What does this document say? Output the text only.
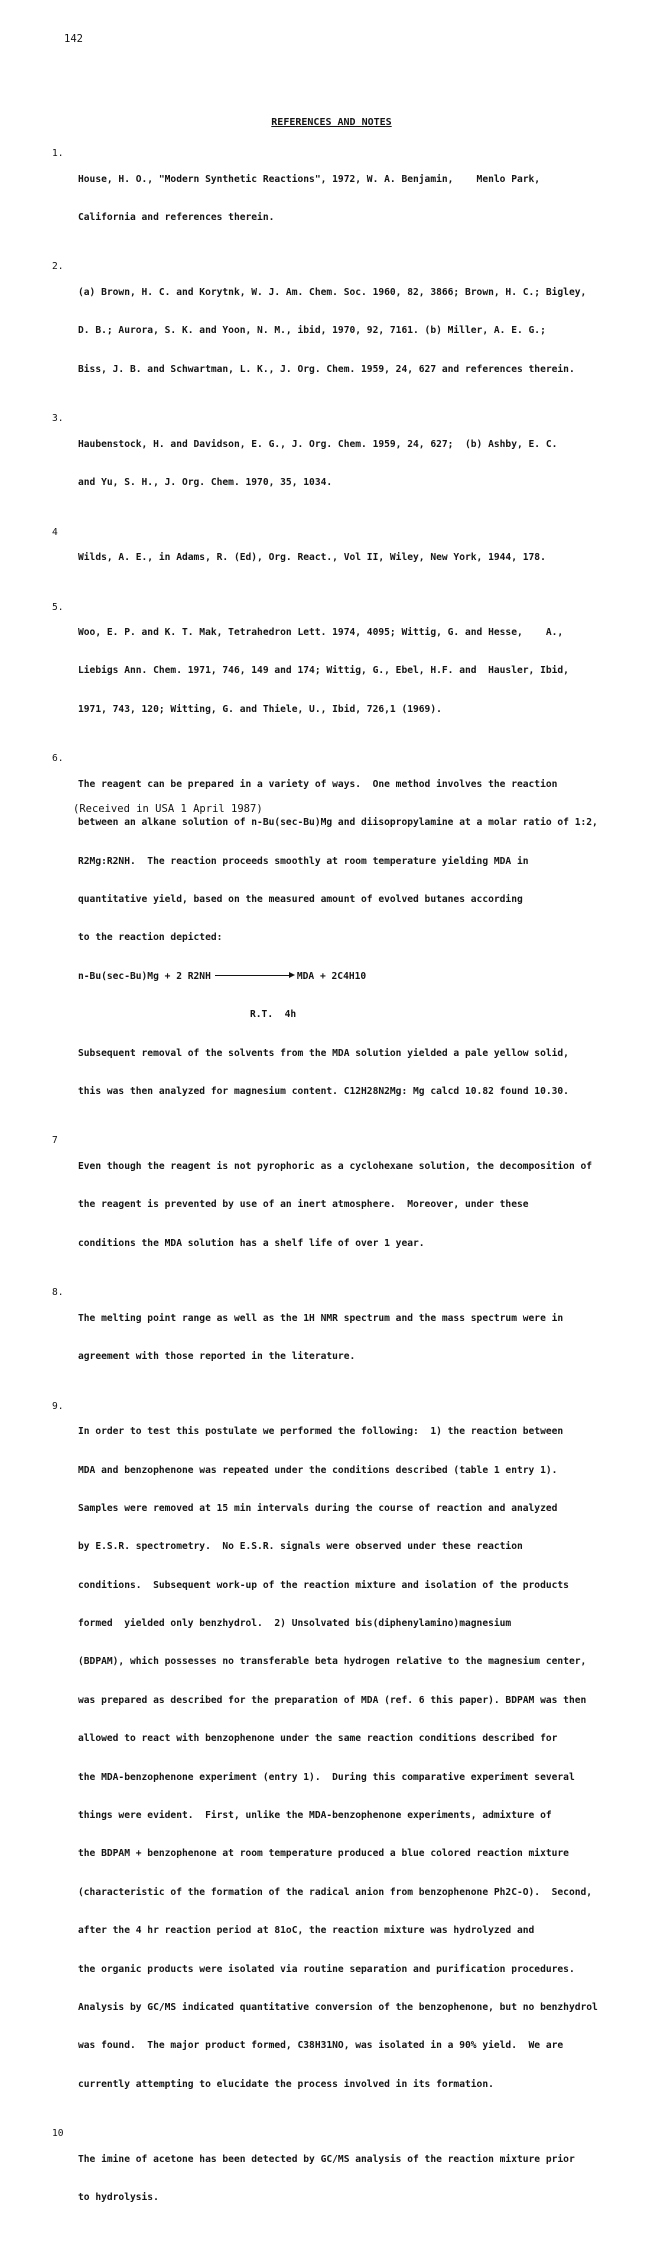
142
REFERENCES AND NOTES
1.

House, H. O., "Modern Synthetic Reactions", 1972, W. A. Benjamin,    Menlo Park,

California and references therein.

2.

(a) Brown, H. C. and Korytnk, W. J. Am. Chem. Soc. 1960, 82, 3866; Brown, H. C.; Bigley,

D. B.; Aurora, S. K. and Yoon, N. M., ibid, 1970, 92, 7161. (b) Miller, A. E. G.;

Biss, J. B. and Schwartman, L. K., J. Org. Chem. 1959, 24, 627 and references therein.

3.

Haubenstock, H. and Davidson, E. G., J. Org. Chem. 1959, 24, 627;  (b) Ashby, E. C.

and Yu, S. H., J. Org. Chem. 1970, 35, 1034.

4

Wilds, A. E., in Adams, R. (Ed), Org. React., Vol II, Wiley, New York, 1944, 178.

5.

Woo, E. P. and K. T. Mak, Tetrahedron Lett. 1974, 4095; Wittig, G. and Hesse,    A.,

Liebigs Ann. Chem. 1971, 746, 149 and 174; Wittig, G., Ebel, H.F. and  Hausler, Ibid,

1971, 743, 120; Witting, G. and Thiele, U., Ibid, 726,1 (1969).

6.

The reagent can be prepared in a variety of ways.  One method involves the reaction

between an alkane solution of n-Bu(sec-Bu)Mg and diisopropylamine at a molar ratio of 1:2,

R2Mg:R2NH.  The reaction proceeds smoothly at room temperature yielding MDA in

quantitative yield, based on the measured amount of evolved butanes according

to the reaction depicted:

n-Bu(sec-Bu)Mg + 2 R2NH	MDA + 2C4H10

R.T.  4h

Subsequent removal of the solvents from the MDA solution yielded a pale yellow solid,

this was then analyzed for magnesium content. C12H28N2Mg: Mg calcd 10.82 found 10.30.

7

Even though the reagent is not pyrophoric as a cyclohexane solution, the decomposition of

the reagent is prevented by use of an inert atmosphere.  Moreover, under these

conditions the MDA solution has a shelf life of over 1 year.

8.

The melting point range as well as the 1H NMR spectrum and the mass spectrum were in

agreement with those reported in the literature.

9.

In order to test this postulate we performed the following:  1) the reaction between

MDA and benzophenone was repeated under the conditions described (table 1 entry 1).

Samples were removed at 15 min intervals during the course of reaction and analyzed

by E.S.R. spectrometry.  No E.S.R. signals were observed under these reaction

conditions.  Subsequent work-up of the reaction mixture and isolation of the products

formed  yielded only benzhydrol.  2) Unsolvated bis(diphenylamino)magnesium

(BDPAM), which possesses no transferable beta hydrogen relative to the magnesium center,

was prepared as described for the preparation of MDA (ref. 6 this paper). BDPAM was then

allowed to react with benzophenone under the same reaction conditions described for

the MDA-benzophenone experiment (entry 1).  During this comparative experiment several

things were evident.  First, unlike the MDA-benzophenone experiments, admixture of

the BDPAM + benzophenone at room temperature produced a blue colored reaction mixture

(characteristic of the formation of the radical anion from benzophenone Ph2C-O).  Second,

after the 4 hr reaction period at 81oC, the reaction mixture was hydrolyzed and

the organic products were isolated via routine separation and purification procedures.

Analysis by GC/MS indicated quantitative conversion of the benzophenone, but no benzhydrol

was found.  The major product formed, C38H31NO, was isolated in a 90% yield.  We are

currently attempting to elucidate the process involved in its formation.

10

The imine of acetone has been detected by GC/MS analysis of the reaction mixture prior

to hydrolysis.

(Received in USA 1 April 1987)
